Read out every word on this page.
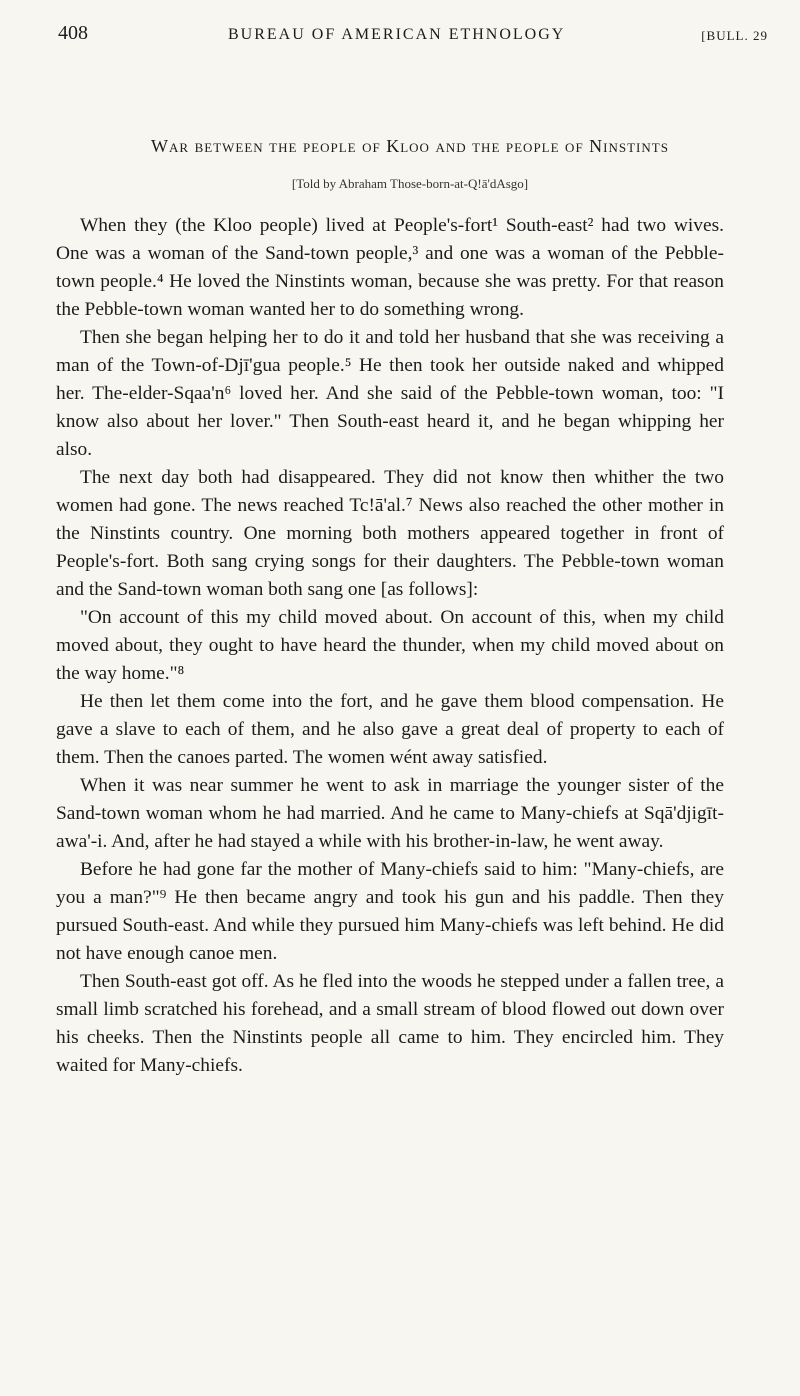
408	BUREAU OF AMERICAN ETHNOLOGY	[BULL. 29
War between the people of Kloo and the people of Ninstints
[Told by Abraham Those-born-at-Q!ā'dAsgo]

When they (the Kloo people) lived at People's-fort¹ South-east² had two wives. One was a woman of the Sand-town people,³ and one was a woman of the Pebble-town people.⁴ He loved the Ninstints woman, because she was pretty. For that reason the Pebble-town woman wanted her to do something wrong.

Then she began helping her to do it and told her husband that she was receiving a man of the Town-of-Djī'gua people.⁵ He then took her outside naked and whipped her. The-elder-Sqaa'n⁶ loved her. And she said of the Pebble-town woman, too: "I know also about her lover." Then South-east heard it, and he began whipping her also.

The next day both had disappeared. They did not know then whither the two women had gone. The news reached Tc!ā'al.⁷ News also reached the other mother in the Ninstints country. One morning both mothers appeared together in front of People's-fort. Both sang crying songs for their daughters. The Pebble-town woman and the Sand-town woman both sang one [as follows]:

"On account of this my child moved about. On account of this, when my child moved about, they ought to have heard the thunder, when my child moved about on the way home."⁸

He then let them come into the fort, and he gave them blood compensation. He gave a slave to each of them, and he also gave a great deal of property to each of them. Then the canoes parted. The women wént away satisfied.

When it was near summer he went to ask in marriage the younger sister of the Sand-town woman whom he had married. And he came to Many-chiefs at Sqā'djigīt-awa'-i. And, after he had stayed a while with his brother-in-law, he went away.

Before he had gone far the mother of Many-chiefs said to him: "Many-chiefs, are you a man?"⁹ He then became angry and took his gun and his paddle. Then they pursued South-east. And while they pursued him Many-chiefs was left behind. He did not have enough canoe men.

Then South-east got off. As he fled into the woods he stepped under a fallen tree, a small limb scratched his forehead, and a small stream of blood flowed out down over his cheeks. Then the Ninstints people all came to him. They encircled him. They waited for Many-chiefs.
